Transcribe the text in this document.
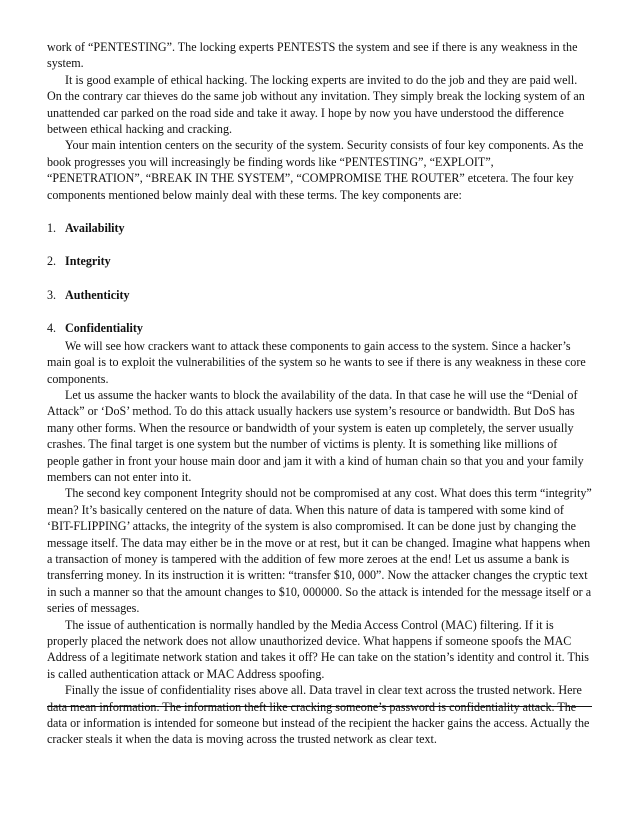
work of “PENTESTING”. The locking experts PENTESTS the system and see if there is any weakness in the system.

It is good example of ethical hacking. The locking experts are invited to do the job and they are paid well. On the contrary car thieves do the same job without any invitation. They simply break the locking system of an unattended car parked on the road side and take it away. I hope by now you have understood the difference between ethical hacking and cracking.

Your main intention centers on the security of the system. Security consists of four key components. As the book progresses you will increasingly be finding words like “PENTESTING”, “EXPLOIT”, “PENETRATION”, “BREAK IN THE SYSTEM”, “COMPROMISE THE ROUTER” etcetera. The four key components mentioned below mainly deal with these terms. The key components are:

1. Availability
2. Integrity
3. Authenticity
4. Confidentiality

We will see how crackers want to attack these components to gain access to the system. Since a hacker’s main goal is to exploit the vulnerabilities of the system so he wants to see if there is any weakness in these core components.

Let us assume the hacker wants to block the availability of the data. In that case he will use the “Denial of Attack” or ‘DoS’ method. To do this attack usually hackers use system’s resource or bandwidth. But DoS has many other forms. When the resource or bandwidth of your system is eaten up completely, the server usually crashes. The final target is one system but the number of victims is plenty. It is something like millions of people gather in front your house main door and jam it with a kind of human chain so that you and your family members can not enter into it.

The second key component Integrity should not be compromised at any cost. What does this term “integrity” mean? It’s basically centered on the nature of data. When this nature of data is tampered with some kind of ‘BIT-FLIPPING’ attacks, the integrity of the system is also compromised. It can be done just by changing the message itself. The data may either be in the move or at rest, but it can be changed. Imagine what happens when a transaction of money is tampered with the addition of few more zeroes at the end! Let us assume a bank is transferring money. In its instruction it is written: “transfer $10, 000”. Now the attacker changes the cryptic text in such a manner so that the amount changes to $10, 000000. So the attack is intended for the message itself or a series of messages.

The issue of authentication is normally handled by the Media Access Control (MAC) filtering. If it is properly placed the network does not allow unauthorized device. What happens if someone spoofs the MAC Address of a legitimate network station and takes it off? He can take on the station’s identity and control it. This is called authentication attack or MAC Address spoofing.

Finally the issue of confidentiality rises above all. Data travel in clear text across the trusted network. Here data mean information. The information theft like cracking someone’s password is confidentiality attack. The data or information is intended for someone but instead of the recipient the hacker gains the access. Actually the cracker steals it when the data is moving across the trusted network as clear text.
